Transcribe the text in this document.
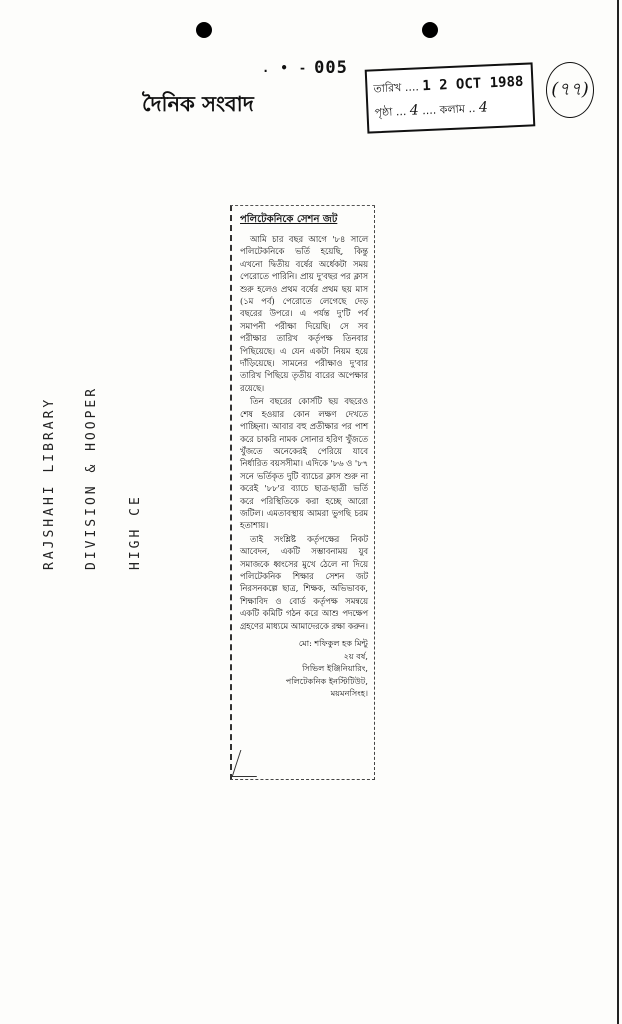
. • - 005
দৈনিক সংবাদ
তারিখ .... 1 2 OCT 1988
পৃষ্ঠা ... 4 .... কলাম .. 4
(৭৭)
RAJSHAHI LIBRARY DIVISION & HOOPER HIGH CE
পলিটেকনিকে সেশন জট

আমি চার বছর আগে '৮৪ সালে পলিটেকনিকে ভর্তি হয়েছি, কিন্তু এখনো দ্বিতীয় বর্ষের অর্ধেকটা সময় পেরোতে পারিনি। প্রায় দু'বছর পর ক্লাস শুরু হলেও প্রথম বর্ষের প্রথম ছয় মাস (১ম পর্ব) পেরোতে লেগেছে দেড় বছরের উপরে। এ পর্যন্ত দু'টি পর্ব সমাপনী পরীক্ষা দিয়েছি। সে সব পরীক্ষার তারিখ কর্তৃপক্ষ তিনবার পিছিয়েছে। এ যেন একটা নিয়ম হয়ে দাঁড়িয়েছে। সামনের পরীক্ষাও দু'বার তারিখ পিছিয়ে তৃতীয় বারের অপেক্ষার রয়েছে।

তিন বছরের কোর্সটি ছয় বছরেও শেষ হওয়ার কোন লক্ষণ দেখতে পাচ্ছিনা। আবার বহু প্রতীক্ষার পর পাশ করে চাকরি নামক সোনার হরিণ খুঁজতে খুঁজতে অনেকেরই পেরিয়ে যাবে নির্ধারিত বয়সসীমা। এদিকে '৮৬ ও '৮৭ সনে ভর্তিকৃত দুটি ব্যাচের ক্লাস শুরু না করেই '৮৮'র ব্যাচে ছাত্র-ছাত্রী ভর্তি করে পরিস্থিতিকে করা হচ্ছে আরো জটিল। এমতাবস্থায় আমরা ভুগছি চরম হতাশায়।

তাই সংশ্লিষ্ট কর্তৃপক্ষের নিকট আবেদন, একটি সম্ভাবনাময় যুব সমাজকে ধ্বংসের মুখে ঠেলে না দিয়ে পলিটেকনিক শিক্ষার সেশন জট নিরসনকল্পে ছাত্র, শিক্ষক, অভিভাবক, শিক্ষাবিদ ও বোর্ড কর্তৃপক্ষ সমন্বয়ে একটি কমিটি গঠন করে আশু পদক্ষেপ গ্রহণের মাধ্যমে আমাদেরকে রক্ষা করুন।

মো: শফিকুল হক মিন্টু
২য় বর্ষ,
সিভিল ইঞ্জিনিয়ারিং,
পলিটেকনিক ইনস্টিটিউট,
ময়মনসিংহ।
